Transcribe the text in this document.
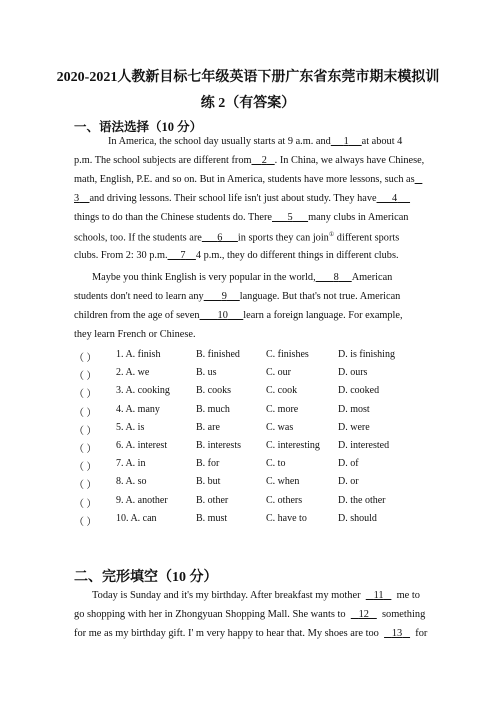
2020-2021人教新目标七年级英语下册广东省东莞市期末模拟训
练 2（有答案）
一、语法选择（10 分）
In America, the school day usually starts at 9 a.m. and 1 at about 4
p.m. The school subjects are different from 2 . In China, we always have Chinese,
math, English, P.E. and so on. But in America, students have more lessons, such as
3 and driving lessons. Their school life isn't just about study. They have 4
things to do than the Chinese students do. There 5 many clubs in American
schools, too. If the students are 6 in sports they can join① different sports
clubs. From 2: 30 p.m. 7 4 p.m., they do different things in different clubs.
Maybe you think English is very popular in the world, 8 American
students don't need to learn any 9 language. But that's not true. American
children from the age of seven 10 learn a foreign language. For example,
they learn French or Chinese.
（ ） 1. A. finish	B. finished	C. finishes	D. is finishing
（ ） 2. A. we	B. us	C. our	D. ours
（ ） 3. A. cooking	B. cooks	C. cook	D. cooked
（ ） 4. A. many	B. much	C. more	D. most
（ ） 5. A. is	B. are	C. was	D. were
（ ） 6. A. interest	B. interests	C. interesting D. interested
（ ） 7. A. in	B. for	C. to	D. of
（ ） 8. A. so	B. but	C. when	D. or
（ ） 9. A. another	B. other	C. others	D. the other
（ ） 10. A. can	B. must	C. have to	D. should
二、完形填空（10 分）
Today is Sunday and it's my birthday. After breakfast my mother 11 me to
go shopping with her in Zhongyuan Shopping Mall. She wants to 12 something
for me as my birthday gift. I' m very happy to hear that. My shoes are too 13 for
